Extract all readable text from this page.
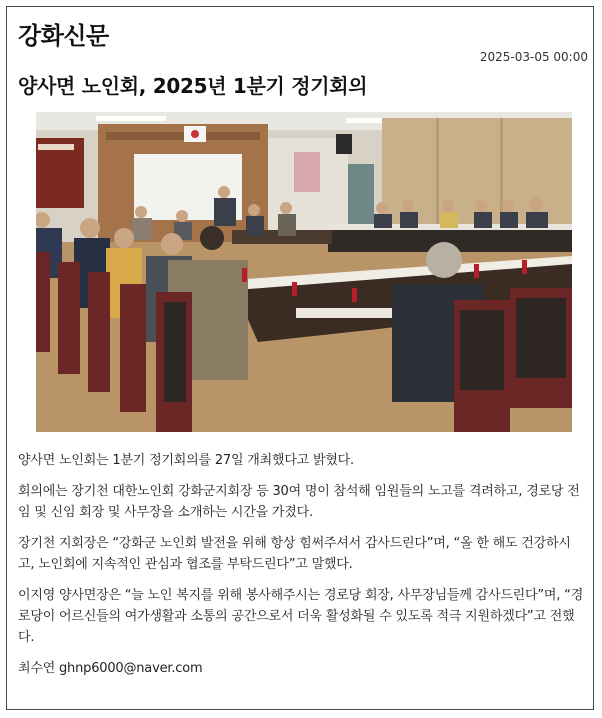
강화신문
2025-03-05 00:00
양사면 노인회, 2025년 1분기 정기회의

양사면 노인회는 1분기 정기회의를 27일 개최했다고 밝혔다.

회의에는 장기천 대한노인회 강화군지회장 등 30여 명이 참석해 임원들의 노고를 격려하고, 경로당 전임 및 신임 회장 및 사무장을 소개하는 시간을 가졌다.

장기천 지회장은 “강화군 노인회 발전을 위해 항상 힘써주셔서 감사드린다”며, “올 한 해도 건강하시고, 노인회에 지속적인 관심과 협조를 부탁드린다”고 말했다.

이지영 양사면장은 “늘 노인 복지를 위해 봉사해주시는 경로당 회장, 사무장님들께 감사드린다”며, “경로당이 어르신들의 여가생활과 소통의 공간으로서 더욱 활성화될 수 있도록 적극 지원하겠다”고 전했다.

최수연 ghnp6000@naver.com
